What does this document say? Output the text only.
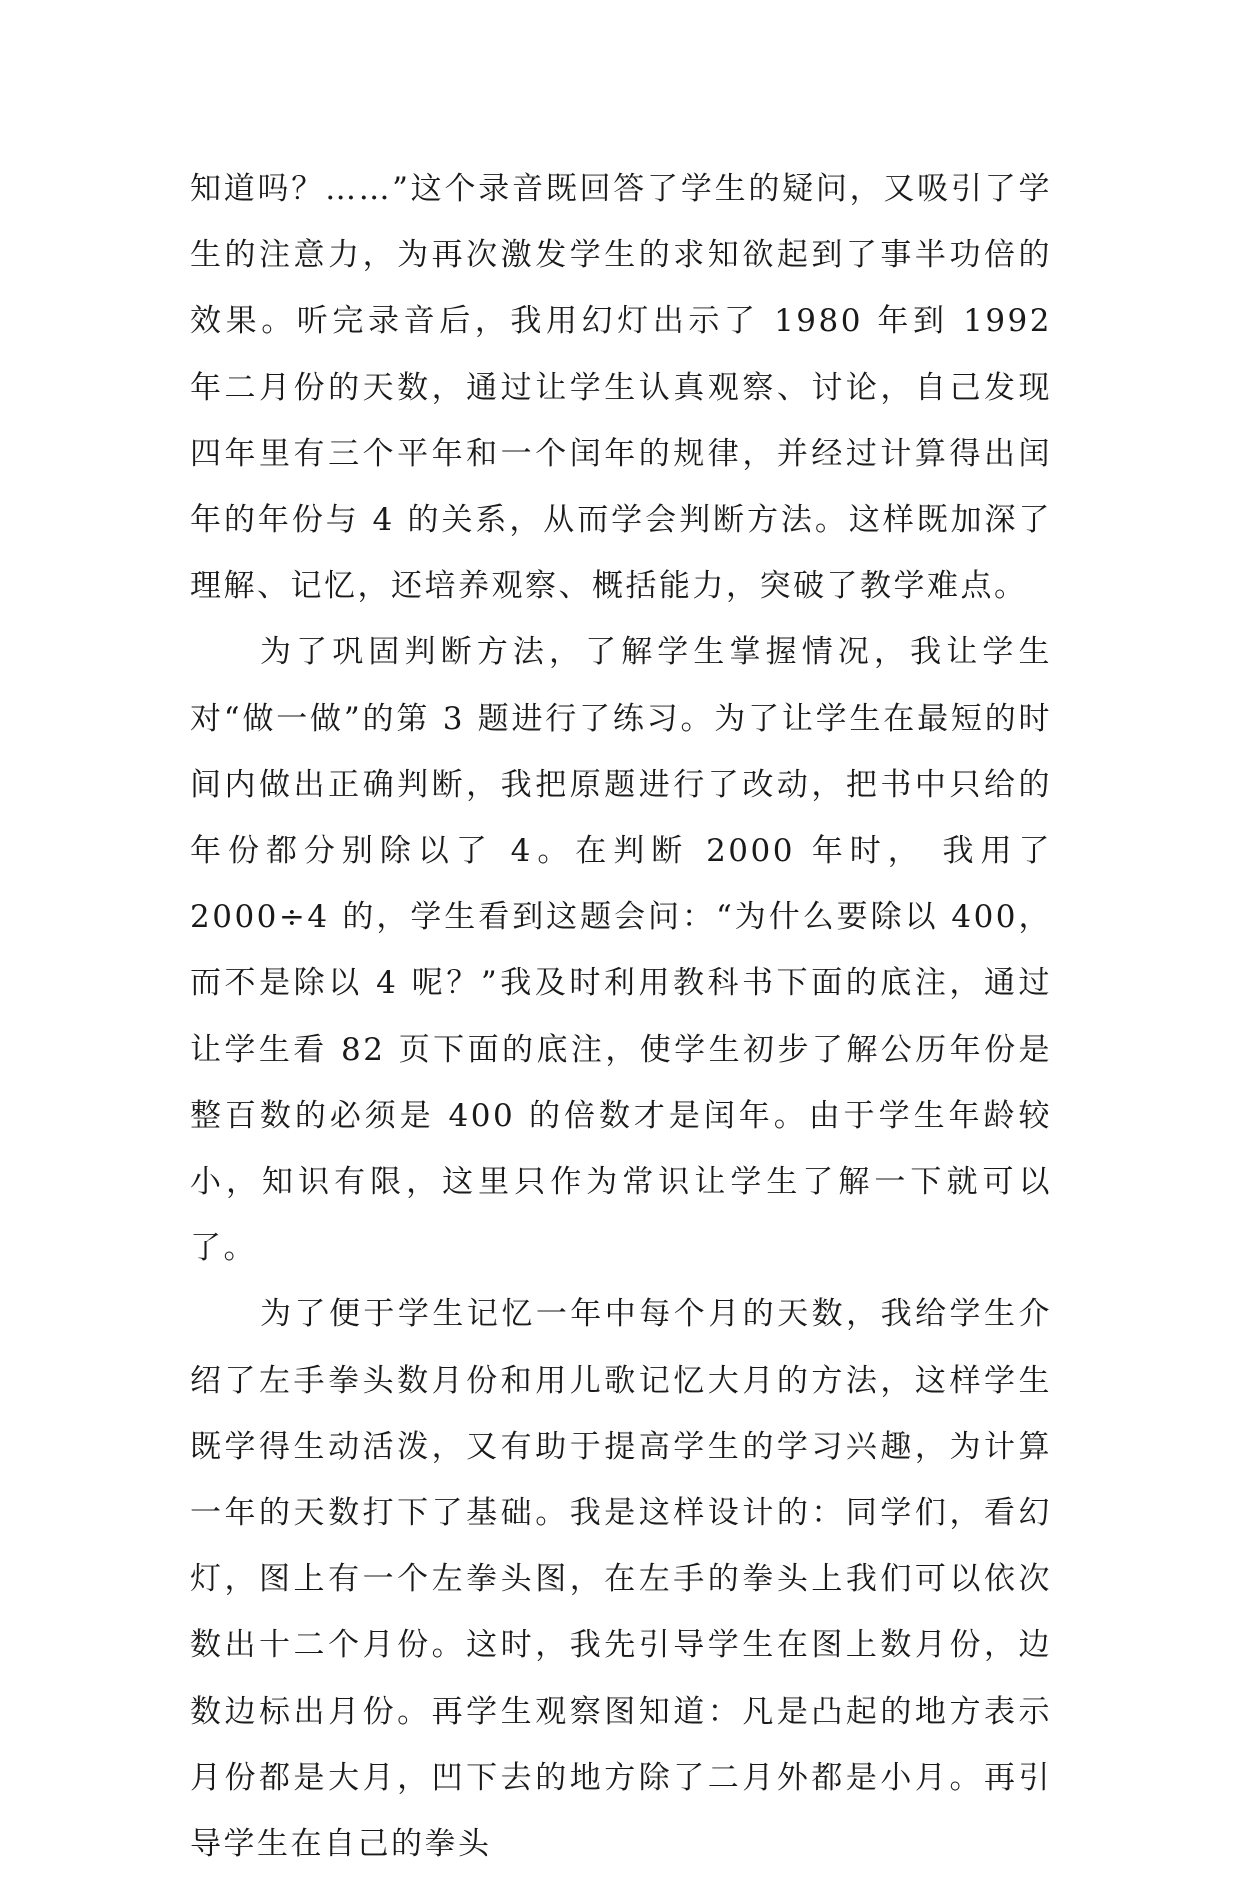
知道吗？……”这个录音既回答了学生的疑问，又吸引了学生的注意力，为再次激发学生的求知欲起到了事半功倍的效果。听完录音后，我用幻灯出示了 1980 年到 1992 年二月份的天数，通过让学生认真观察、讨论，自己发现四年里有三个平年和一个闰年的规律，并经过计算得出闰年的年份与 4 的关系，从而学会判断方法。这样既加深了理解、记忆，还培养观察、概括能力，突破了教学难点。

为了巩固判断方法，了解学生掌握情况，我让学生对“做一做”的第 3 题进行了练习。为了让学生在最短的时间内做出正确判断，我把原题进行了改动，把书中只给的年份都分别除以了 4。在判断 2000 年时， 我用了 2000÷4 的，学生看到这题会问：“为什么要除以 400，而不是除以 4 呢？”我及时利用教科书下面的底注，通过让学生看 82 页下面的底注，使学生初步了解公历年份是整百数的必须是 400 的倍数才是闰年。由于学生年龄较小，知识有限，这里只作为常识让学生了解一下就可以了。

为了便于学生记忆一年中每个月的天数，我给学生介绍了左手拳头数月份和用儿歌记忆大月的方法，这样学生既学得生动活泼，又有助于提高学生的学习兴趣，为计算一年的天数打下了基础。我是这样设计的：同学们，看幻灯，图上有一个左拳头图，在左手的拳头上我们可以依次数出十二个月份。这时，我先引导学生在图上数月份，边数边标出月份。再学生观察图知道：凡是凸起的地方表示月份都是大月，凹下去的地方除了二月外都是小月。再引导学生在自己的拳头
